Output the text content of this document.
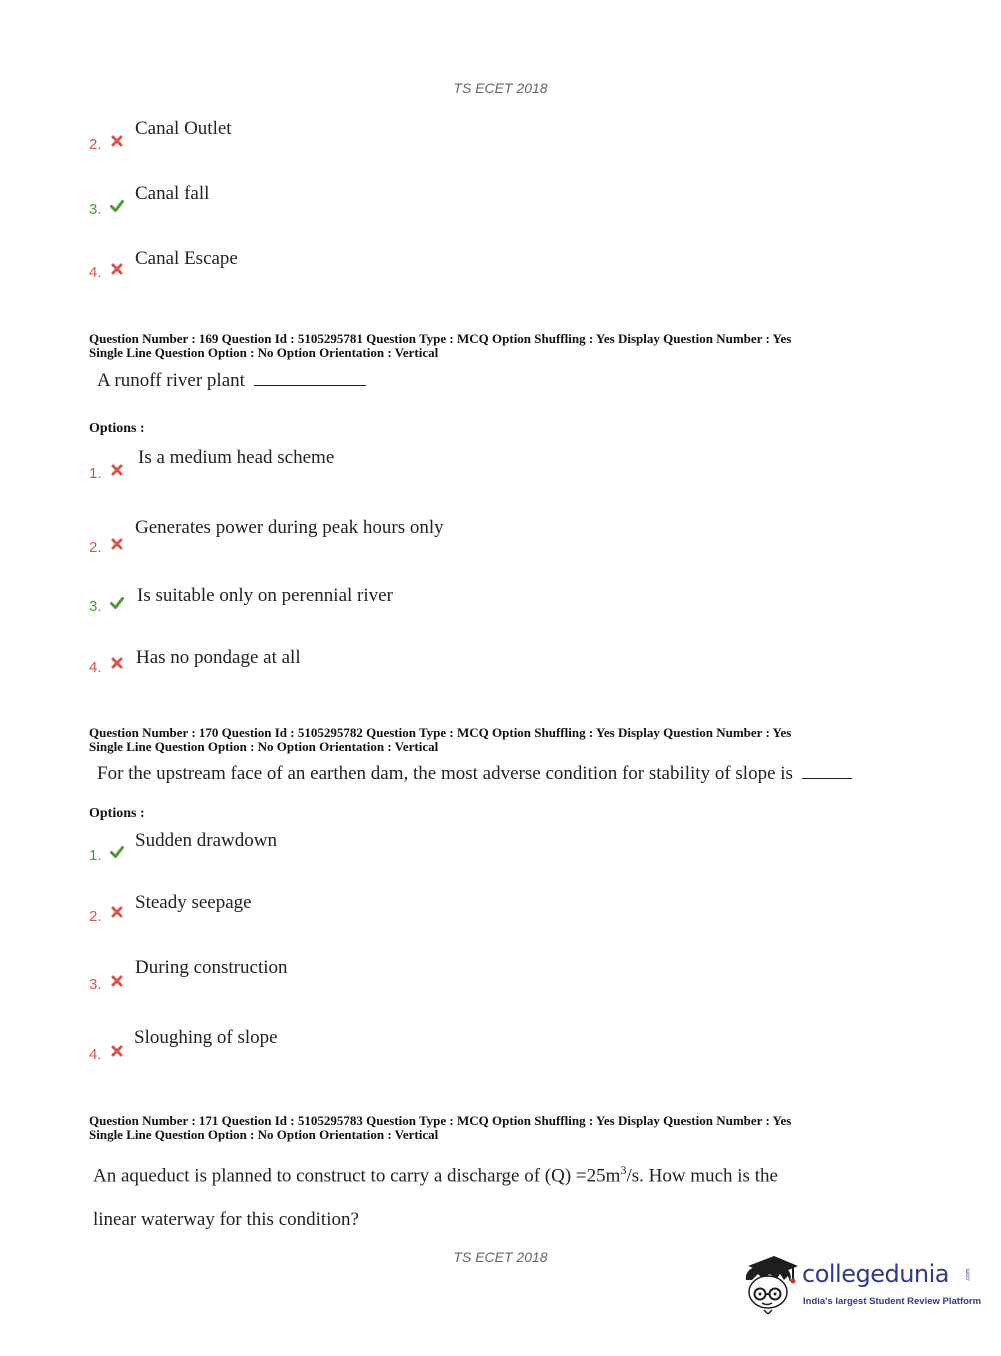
TS ECET 2018
2.
Canal Outlet
3.
Canal fall
4.
Canal Escape
Question Number : 169 Question Id : 5105295781 Question Type : MCQ Option Shuffling : Yes Display Question Number : Yes
Single Line Question Option : No Option Orientation : Vertical
A runoff river plant
Options :
1.
Is a medium head scheme
2.
Generates power during peak hours only
3.
Is suitable only on perennial river
4. Has no pondage at all
Question Number : 170 Question Id : 5105295782 Question Type : MCQ Option Shuffling : Yes Display Question Number : Yes
Single Line Question Option : No Option Orientation : Vertical
For the upstream face of an earthen dam, the most adverse condition for stability of slope is
Options :
1.
Sudden drawdown
2.
Steady seepage
3.
During construction
4.
Sloughing of slope
Question Number : 171 Question Id : 5105295783 Question Type : MCQ Option Shuffling : Yes Display Question Number : Yes
Single Line Question Option : No Option Orientation : Vertical
An aqueduct is planned to construct to carry a discharge of $(Q) =25m^3/s$. How much is the
linear waterway for this condition?
TS ECET 2018
collegedunia	.com
India's largest Student Review Platform
